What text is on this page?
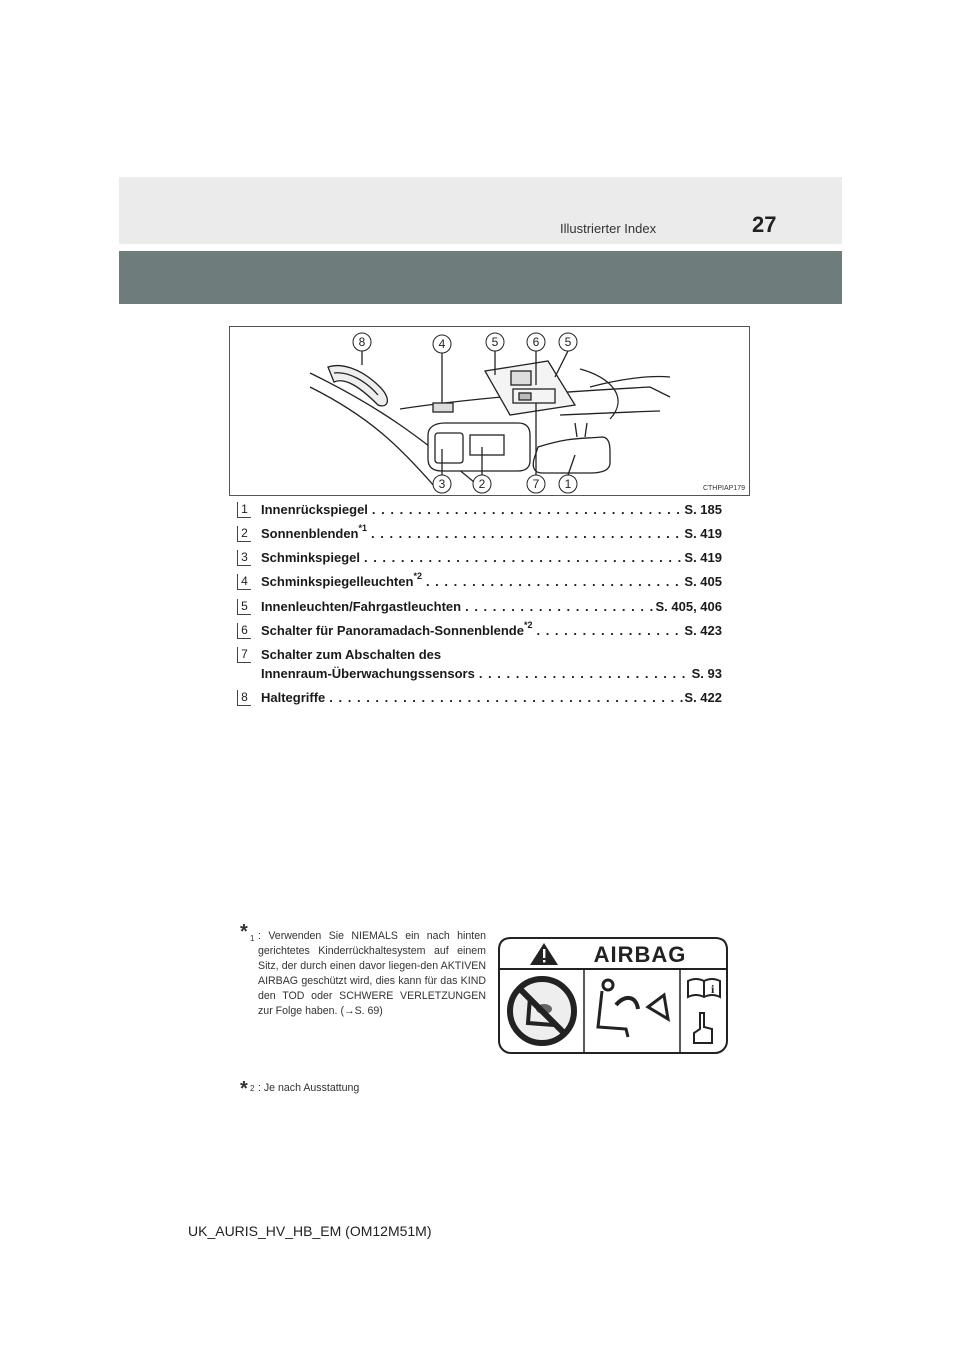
Illustrierter Index	27
8	4	5	6 5
3	2	7 1	CTHPIAP179
1 Innenrückspiegel . . .	S. 185
2 Sonnenblenden$^{*1}$ . . .	S. 419
3 Schminkspiegel . . .	S. 419
4 Schminkspiegelleuchten$^{*2}$ . . .	S. 405
5 Innenleuchten/Fahrgastleuchten . . .	S. 405, 406
6 Schalter für Panoramadach-Sonnenblende$^{*2}$ . . .	S. 423
7 Schalter zum Abschalten des
Innenraum-Überwachungssensors . . .	S. 93
8 Haltegriffe . . .	S. 422
* 1 : Verwenden Sie NIEMALS ein nach hinten gerichtetes Kinderrückhaltesystem auf einem Sitz, der durch einen davor liegen-den AKTIVEN AIRBAG geschützt wird, dies kann für das KIND den TOD oder SCHWERE VERLETZUNGEN zur Folge haben. (→S. 69)
AIRBAG
i
* 2 : Je nach Ausstattung
UK_AURIS_HV_HB_EM (OM12M51M)
